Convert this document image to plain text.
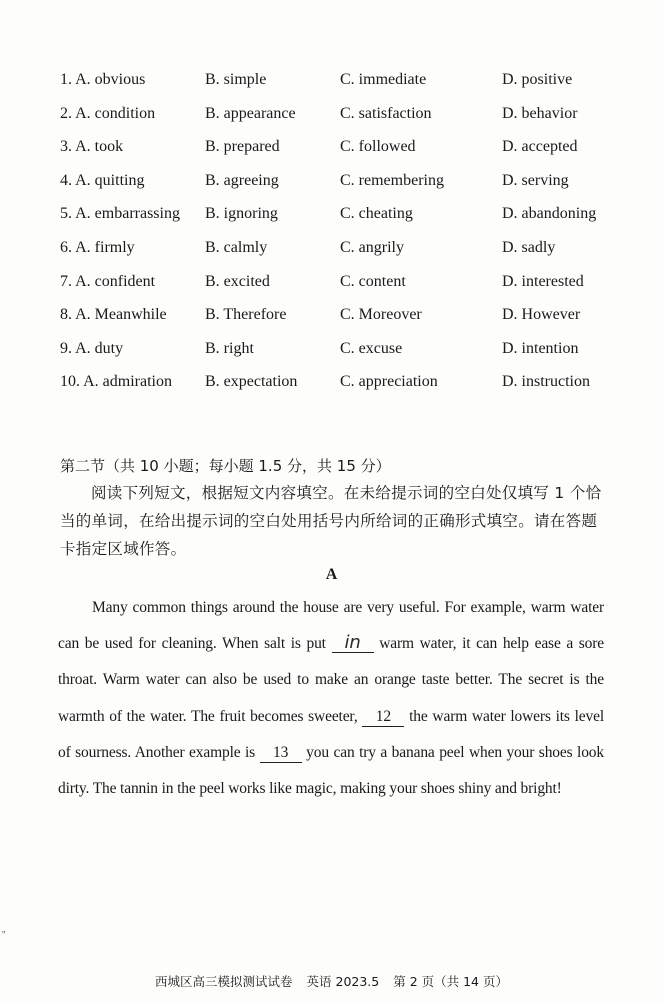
1. A. obvious	B. simple	C. immediate	D. positive
2. A. condition	B. appearance	C. satisfaction	D. behavior
3. A. took	B. prepared	C. followed	D. accepted
4. A. quitting	B. agreeing	C. remembering	D. serving
5. A. embarrassing B. ignoring	C. cheating	D. abandoning
6. A. firmly	B. calmly	C. angrily	D. sadly
7. A. confident	B. excited	C. content	D. interested
8. A. Meanwhile B. Therefore	C. Moreover	D. However
9. A. duty	B. right	C. excuse	D. intention
10. A. admiration B. expectation	C. appreciation	D. instruction
第二节（共 10 小题；每小题 1.5 分，共 15 分）
阅读下列短文，根据短文内容填空。在未给提示词的空白处仅填写 1 个恰当的单词，在给出提示词的空白处用括号内所给词的正确形式填空。请在答题卡指定区域作答。
A
Many common things around the house are very useful. For example, warm water can be used for cleaning. When salt is put in warm water, it can help ease a sore throat. Warm water can also be used to make an orange taste better. The secret is the warmth of the water. The fruit becomes sweeter, 12 the warm water lowers its level of sourness. Another example is 13 you can try a banana peel when your shoes look dirty. The tannin in the peel works like magic, making your shoes shiny and bright!
''
西城区高三模拟测试试卷 英语 2023.5 第 2 页（共 14 页）
